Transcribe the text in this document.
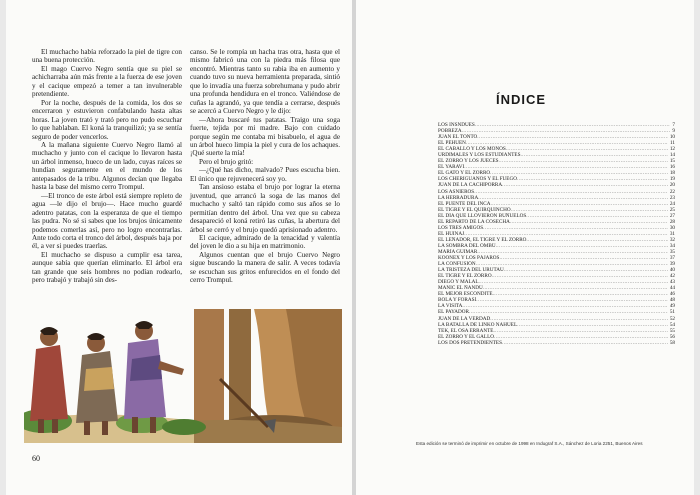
El muchacho había reforzado la piel de tigre con una buena protección.

El mago Cuervo Negro sentía que su piel se achicharraba aún más frente a la fuerza de ese joven y el cacique empezó a temer a tan invulnerable pretendiente.

Por la noche, después de la comida, los dos se encerraron y estuvieron confabulando hasta altas horas. La joven trató y trató pero no pudo escuchar lo que hablaban. El koná la tranquilizó; ya se sentía seguro de poder vencerlos.

A la mañana siguiente Cuervo Negro llamó al muchacho y junto con el cacique lo llevaron hasta un árbol inmenso, hueco de un lado, cuyas raíces se hundían seguramente en el mundo de los antepasados de la tribu. Algunos decían que llegaba hasta la base del mismo cerro Trompul.

—El tronco de este árbol está siempre repleto de agua —le dijo el brujo—. Hace mucho guardé adentro patatas, con la esperanza de que el tiempo las pudra. No sé si sabes que los brujos únicamente podemos comerlas así, pero no logro encontrarlas. Ante todo corta el tronco del árbol, después baja por él, a ver si puedes traerlas.

El muchacho se dispuso a cumplir esa tarea, aunque sabía que querían eliminarlo. El árbol era tan grande que seis hombres no podían rodearlo, pero trabajó y trabajó sin des-

canso. Se le rompía un hacha tras otra, hasta que el mismo fabricó una con la piedra más filosa que encontró. Mientras tanto su rabia iba en aumento y cuando tuvo su nueva herramienta preparada, sintió que lo invadía una fuerza sobrehumana y pudo abrir una profunda hendidura en el tronco. Valiéndose de cuñas la agrandó, ya que tendía a cerrarse, después se acercó a Cuervo Negro y le dijo:

—Ahora buscaré tus patatas. Traigo una soga fuerte, tejida por mi madre. Bajo con cuidado porque según me contaba mi bisabuelo, el agua de un árbol hueco limpia la piel y cura de los achaques. ¡Qué suerte la mía!

Pero el brujo gritó:

—¿Qué has dicho, malvado? Pues escucha bien. El único que rejuvenecerá soy yo.

Tan ansioso estaba el brujo por lograr la eterna juventud, que arrancó la soga de las manos del muchacho y saltó tan rápido como sus años se lo permitían dentro del árbol. Una vez que su cabeza desapareció el koná retiró las cuñas, la abertura del árbol se cerró y el brujo quedó aprisionado adentro.

El cacique, admirado de la tenacidad y valentía del joven le dio a su hija en matrimonio.

Algunos cuentan que el brujo Cuervo Negro sigue buscando la manera de salir. A veces todavía se escuchan sus gritos enfurecidos en el fondo del cerro Trompul.

60
ÍNDICE
LOS INSNDUES .....	7
POBREZA .....	9
JUAN EL TONTO .....	10
EL PEHUEN .....	11
EL CABALLO Y LOS MONOS .....	12
URDIMALES Y LOS ESTUDIANTES .....	14
EL ZORRO Y LOS JUECES .....	15
EL YARAVI .....	16
EL GATO Y EL ZORRO .....	18
LOS CHERIGUANOS Y EL FUEGO .....	19
JUAN DE LA CACHIPORRA .....	20
LOS ASNIEROS .....	22
LA HERRADURA .....	23
EL PUENTE DEL INCA .....	24
EL TIGRE Y EL QUIRQUINCHO .....	25
EL DÍA QUE LLOVIERON BUÑUELOS .....	27
EL REPARTO DE LA COSECHA .....	28
LOS TRES AMIGOS .....	30
EL HUINAJ .....	31
EL LEÑADOR, EL TIGRE Y EL ZORRO .....	32
LA SOMBRA DEL OMBÚ .....	34
MARÍA GUIMAR .....	35
KOONEX Y LOS PÁJAROS .....	37
LA CONFUSIÓN .....	39
LA TRISTEZA DEL URUTAU .....	40
EL TIGRE Y EL ZORRO .....	42
DIEGO Y MALAL .....	43
MANIC EL ÑANDÚ .....	44
EL MEJOR ESCONDITE .....	46
BOLA Y FORASÍ .....	48
LA VISITA .....	49
EL PAYADOR .....	51
JUAN DE LA VERDAD .....	52
LA BATALLA DE LINKO NAHUEL .....	54
TEK, EL OSA ERRANTE .....	55
EL ZORRO Y EL GALLO .....	56
LOS DOS PRETENDIENTES .....	58
Esta edición se terminó de imprimir en octubre de 1998 en Indugraf S.A., Sánchez de Loria 2251, Buenos Aires
